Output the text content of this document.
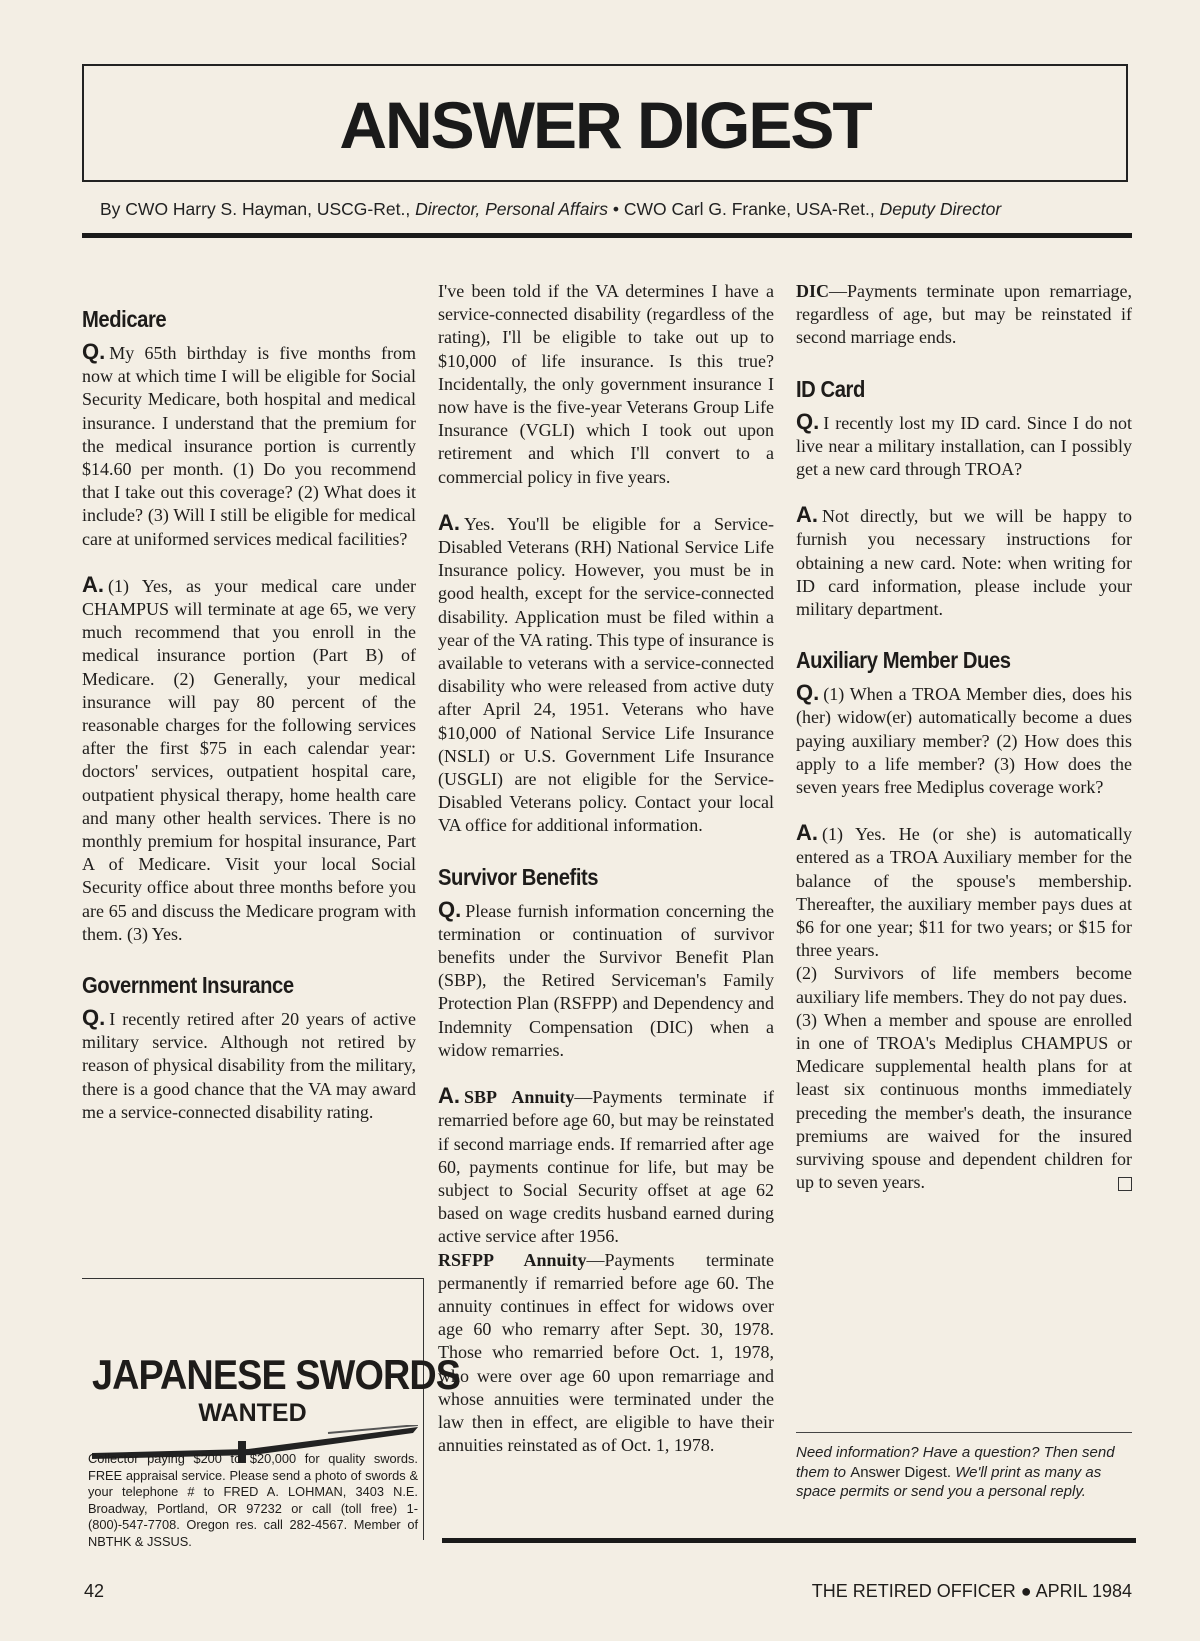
ANSWER DIGEST
By CWO Harry S. Hayman, USCG-Ret., Director, Personal Affairs • CWO Carl G. Franke, USA-Ret., Deputy Director
Medicare

Q. My 65th birthday is five months from now at which time I will be eligible for Social Security Medicare, both hospital and medical insurance. I understand that the premium for the medical insurance portion is currently $14.60 per month. (1) Do you recommend that I take out this coverage? (2) What does it include? (3) Will I still be eligible for medical care at uniformed services medical facilities?

A. (1) Yes, as your medical care under CHAMPUS will terminate at age 65, we very much recommend that you enroll in the medical insurance portion (Part B) of Medicare. (2) Generally, your medical insurance will pay 80 percent of the reasonable charges for the following services after the first $75 in each calendar year: doctors' services, outpatient hospital care, outpatient physical therapy, home health care and many other health services. There is no monthly premium for hospital insurance, Part A of Medicare. Visit your local Social Security office about three months before you are 65 and discuss the Medicare program with them. (3) Yes.

Government Insurance

Q. I recently retired after 20 years of active military service. Although not retired by reason of physical disability from the military, there is a good chance that the VA may award me a service-connected disability rating.

JAPANESE SWORDS
WANTED
Collector paying $200 to $20,000 for quality swords. FREE appraisal service. Please send a photo of swords & your telephone # to FRED A. LOHMAN, 3403 N.E. Broadway, Portland, OR 97232 or call (toll free) 1-(800)-547-7708. Oregon res. call 282-4567. Member of NBTHK & JSSUS.

I've been told if the VA determines I have a service-connected disability (regardless of the rating), I'll be eligible to take out up to $10,000 of life insurance. Is this true? Incidentally, the only government insurance I now have is the five-year Veterans Group Life Insurance (VGLI) which I took out upon retirement and which I'll convert to a commercial policy in five years.

A. Yes. You'll be eligible for a Service-Disabled Veterans (RH) National Service Life Insurance policy. However, you must be in good health, except for the service-connected disability. Application must be filed within a year of the VA rating. This type of insurance is available to veterans with a service-connected disability who were released from active duty after April 24, 1951. Veterans who have $10,000 of National Service Life Insurance (NSLI) or U.S. Government Life Insurance (USGLI) are not eligible for the Service-Disabled Veterans policy. Contact your local VA office for additional information.

Survivor Benefits

Q. Please furnish information concerning the termination or continuation of survivor benefits under the Survivor Benefit Plan (SBP), the Retired Serviceman's Family Protection Plan (RSFPP) and Dependency and Indemnity Compensation (DIC) when a widow remarries.

A. SBP Annuity—Payments terminate if remarried before age 60, but may be reinstated if second marriage ends. If remarried after age 60, payments continue for life, but may be subject to Social Security offset at age 62 based on wage credits husband earned during active service after 1956.

RSFPP Annuity—Payments terminate permanently if remarried before age 60. The annuity continues in effect for widows over age 60 who remarry after Sept. 30, 1978. Those who remarried before Oct. 1, 1978, who were over age 60 upon remarriage and whose annuities were terminated under the law then in effect, are eligible to have their annuities reinstated as of Oct. 1, 1978.

DIC—Payments terminate upon remarriage, regardless of age, but may be reinstated if second marriage ends.

ID Card

Q. I recently lost my ID card. Since I do not live near a military installation, can I possibly get a new card through TROA?

A. Not directly, but we will be happy to furnish you necessary instructions for obtaining a new card. Note: when writing for ID card information, please include your military department.

Auxiliary Member Dues

Q. (1) When a TROA Member dies, does his (her) widow(er) automatically become a dues paying auxiliary member? (2) How does this apply to a life member? (3) How does the seven years free Mediplus coverage work?

A. (1) Yes. He (or she) is automatically entered as a TROA Auxiliary member for the balance of the spouse's membership. Thereafter, the auxiliary member pays dues at $6 for one year; $11 for two years; or $15 for three years.

(2) Survivors of life members become auxiliary life members. They do not pay dues.

(3) When a member and spouse are enrolled in one of TROA's Mediplus CHAMPUS or Medicare supplemental health plans for at least six continuous months immediately preceding the member's death, the insurance premiums are waived for the insured surviving spouse and dependent children for up to seven years.

Need information? Have a question? Then send them to Answer Digest. We'll print as many as space permits or send you a personal reply.
42	THE RETIRED OFFICER ● APRIL 1984
